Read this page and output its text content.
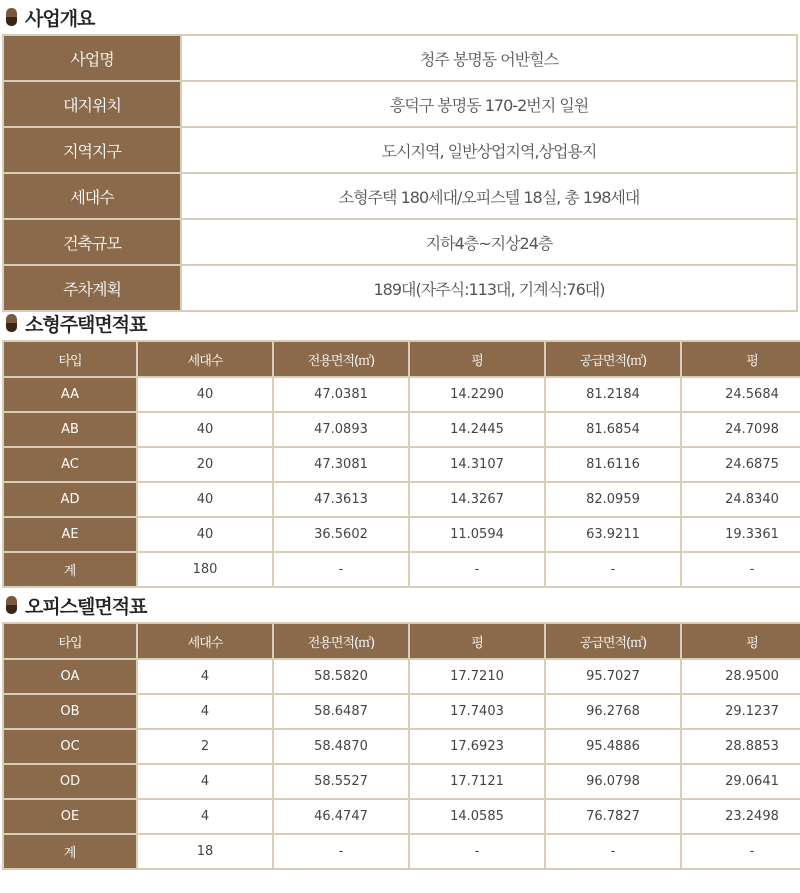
사업개요
사업명	청주 봉명동 어반힐스
대지위치	흥덕구 봉명동 170-2번지 일원
지역지구	도시지역, 일반상업지역,상업용지
세대수	소형주택 180세대/오피스텔 18실, 총 198세대
건축규모	지하4층~지상24층
주차계획	189대(자주식:113대, 기계식:76대)
소형주택면적표
타입	세대수	전용면적(㎡)	평	공급면적(㎡)	평
AA	40	47.0381	14.2290	81.2184	24.5684
AB	40	47.0893	14.2445	81.6854	24.7098
AC	20	47.3081	14.3107	81.6116	24.6875
AD	40	47.3613	14.3267	82.0959	24.8340
AE	40	36.5602	11.0594	63.9211	19.3361
계	180	-	-	-	-
오피스텔면적표
타입	세대수	전용면적(㎡)	평	공급면적(㎡)	평
OA	4	58.5820	17.7210	95.7027	28.9500
OB	4	58.6487	17.7403	96.2768	29.1237
OC	2	58.4870	17.6923	95.4886	28.8853
OD	4	58.5527	17.7121	96.0798	29.0641
OE	4	46.4747	14.0585	76.7827	23.2498
계	18	-	-	-	-
